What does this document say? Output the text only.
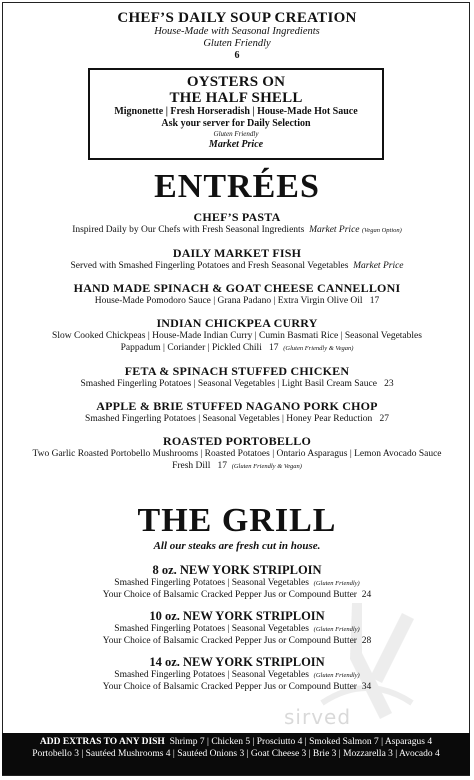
CHEF’S DAILY SOUP CREATION
House-Made with Seasonal Ingredients
Gluten Friendly
6
OYSTERS ON
THE HALF SHELL
Mignonette | Fresh Horseradish | House-Made Hot Sauce
Ask your server for Daily Selection
Gluten Friendly
Market Price
ENTRÉES
CHEF’S PASTA
Inspired Daily by Our Chefs with Fresh Seasonal Ingredients Market Price (Vegan Option)
DAILY MARKET FISH
Served with Smashed Fingerling Potatoes and Fresh Seasonal Vegetables Market Price
HAND MADE SPINACH & GOAT CHEESE CANNELLONI
House-Made Pomodoro Sauce | Grana Padano | Extra Virgin Olive Oil 17
INDIAN CHICKPEA CURRY
Slow Cooked Chickpeas | House-Made Indian Curry | Cumin Basmati Rice | Seasonal Vegetables
Pappadum | Coriander | Pickled Chili 17 (Gluten Friendly & Vegan)
FETA & SPINACH STUFFED CHICKEN
Smashed Fingerling Potatoes | Seasonal Vegetables | Light Basil Cream Sauce 23
APPLE & BRIE STUFFED NAGANO PORK CHOP
Smashed Fingerling Potatoes | Seasonal Vegetables | Honey Pear Reduction 27
ROASTED PORTOBELLO
Two Garlic Roasted Portobello Mushrooms | Roasted Potatoes | Ontario Asparagus | Lemon Avocado Sauce
Fresh Dill 17 (Gluten Friendly & Vegan)
THE GRILL
All our steaks are fresh cut in house.
sirved
8 oz. NEW YORK STRIPLOIN
Smashed Fingerling Potatoes | Seasonal Vegetables (Gluten Friendly)
Your Choice of Balsamic Cracked Pepper Jus or Compound Butter 24
10 oz. NEW YORK STRIPLOIN
Smashed Fingerling Potatoes | Seasonal Vegetables (Gluten Friendly)
Your Choice of Balsamic Cracked Pepper Jus or Compound Butter 28
14 oz. NEW YORK STRIPLOIN
Smashed Fingerling Potatoes | Seasonal Vegetables (Gluten Friendly)
Your Choice of Balsamic Cracked Pepper Jus or Compound Butter 34
ADD EXTRAS TO ANY DISH Shrimp 7 | Chicken 5 | Prosciutto 4 | Smoked Salmon 7 | Asparagus 4
Portobello 3 | Sautéed Mushrooms 4 | Sautéed Onions 3 | Goat Cheese 3 | Brie 3 | Mozzarella 3 | Avocado 4
